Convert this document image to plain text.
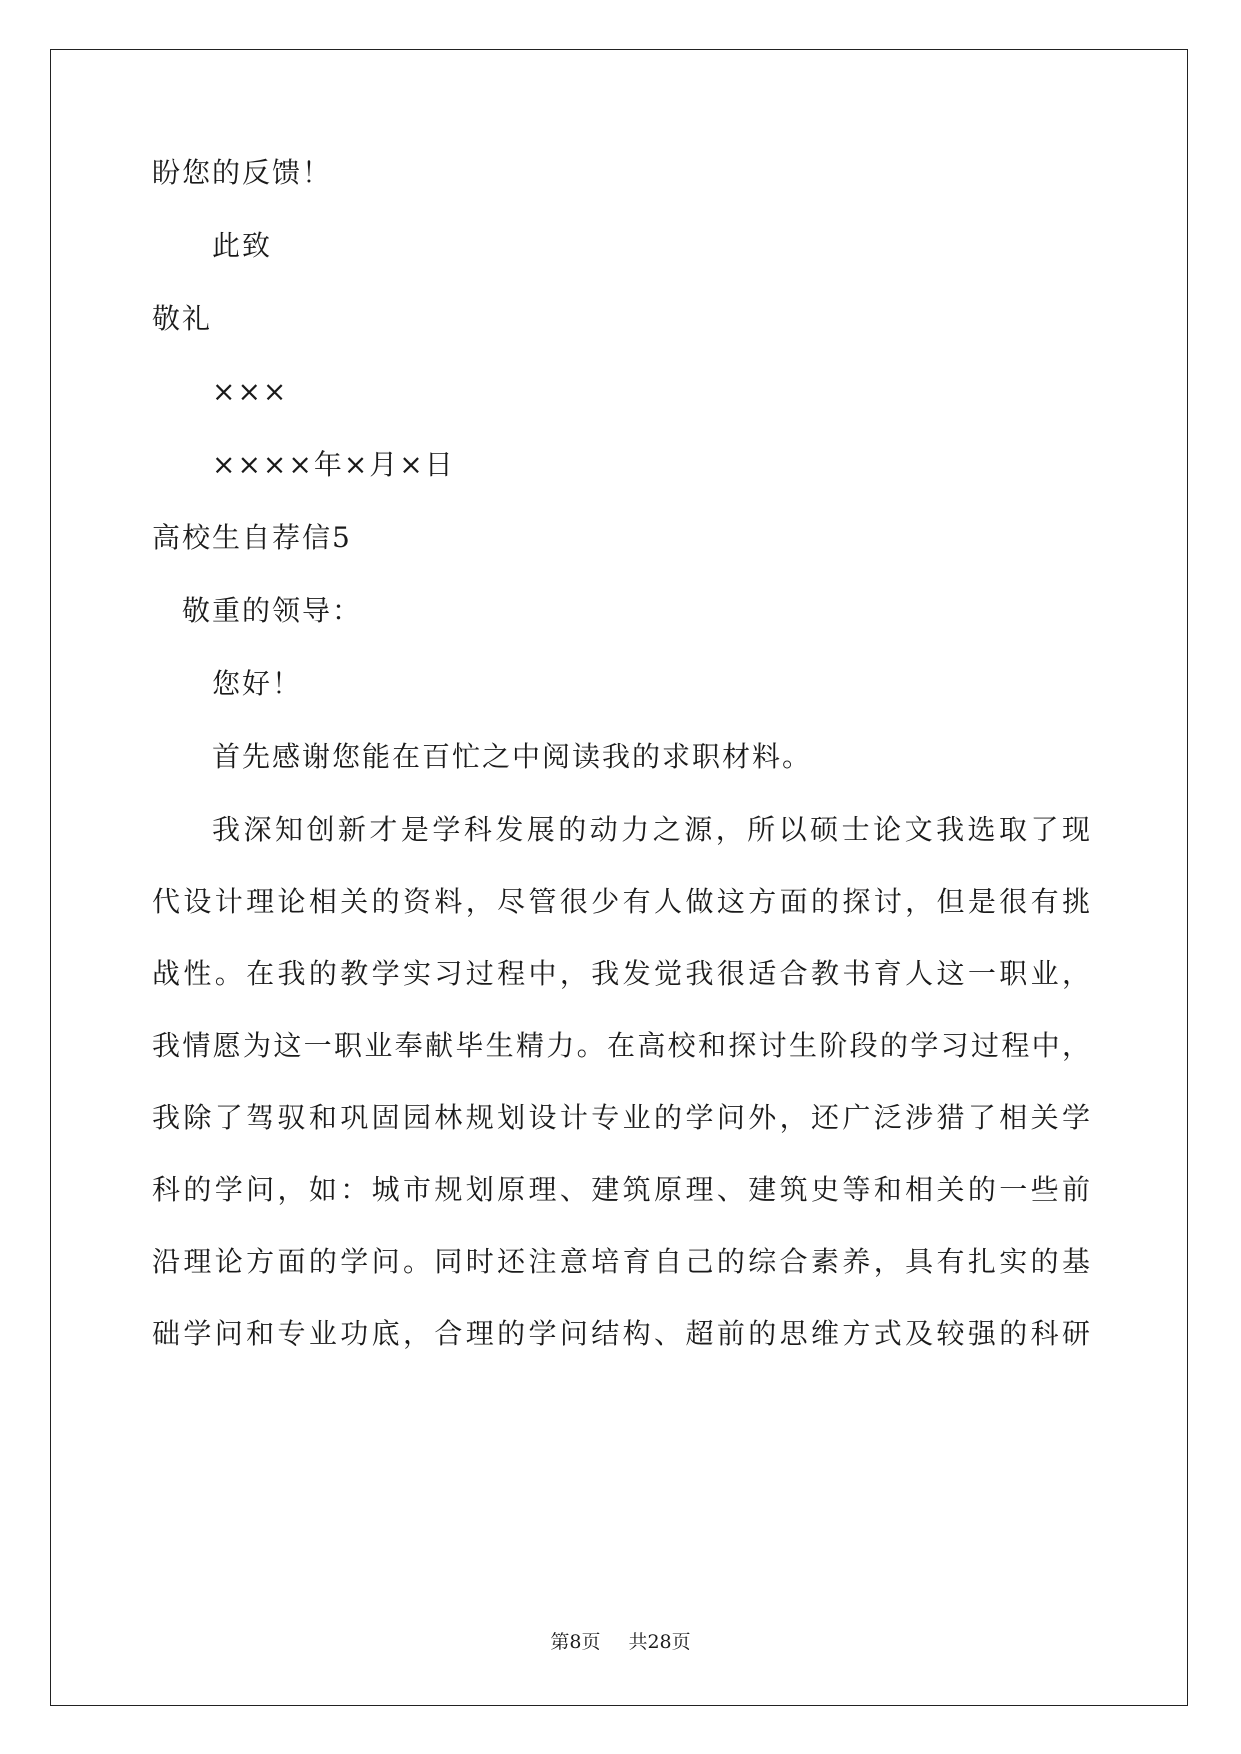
盼您的反馈！
此致
敬礼
×××
××××年×月×日
高校生自荐信5
敬重的领导：
您好！
首先感谢您能在百忙之中阅读我的求职材料。
我深知创新才是学科发展的动力之源，所以硕士论文我选取了现
代设计理论相关的资料，尽管很少有人做这方面的探讨，但是很有挑
战性。在我的教学实习过程中，我发觉我很适合教书育人这一职业，
我情愿为这一职业奉献毕生精力。在高校和探讨生阶段的学习过程中，
我除了驾驭和巩固园林规划设计专业的学问外，还广泛涉猎了相关学
科的学问，如：城市规划原理、建筑原理、建筑史等和相关的一些前
沿理论方面的学问。同时还注意培育自己的综合素养，具有扎实的基
础学问和专业功底，合理的学问结构、超前的思维方式及较强的科研
第8页 共28页
